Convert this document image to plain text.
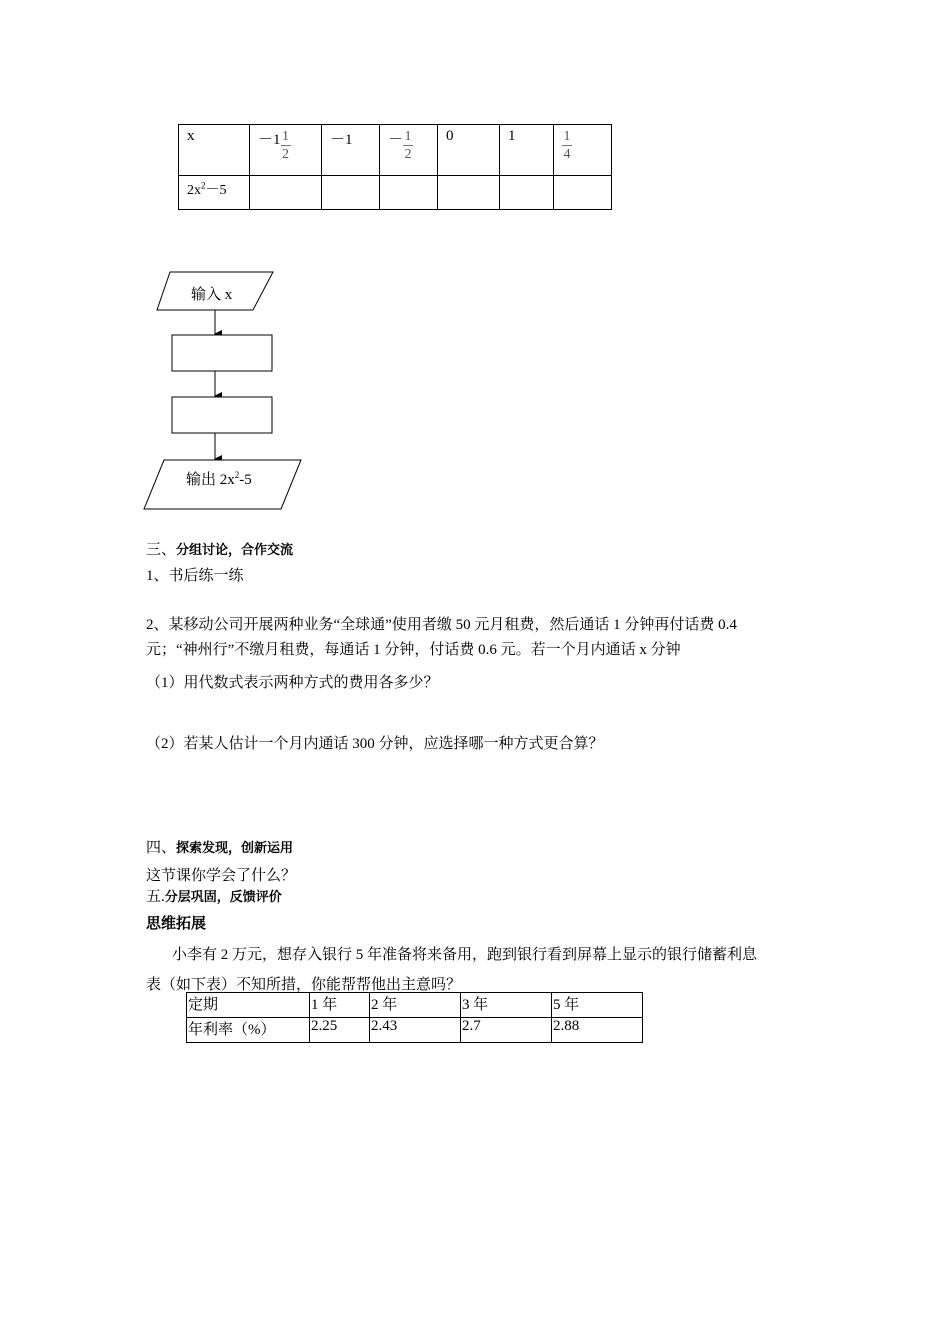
x	$-1 \frac{1}{2}$	－1	－ $\frac{1}{2}$	0	1	$\frac{1}{4}$

$2x^2-5$						

输入 x
输出 $2x^2-5$
三、分组讨论，合作交流
1、书后练一练
2、某移动公司开展两种业务“全球通”使用者缴 50 元月租费，然后通话 1 分钟再付话费 0.4
元；“神州行”不缴月租费，每通话 1 分钟，付话费 0.6 元。若一个月内通话 x 分钟
（1）用代数式表示两种方式的费用各多少？
（2）若某人估计一个月内通话 300 分钟，应选择哪一种方式更合算？
四、探索发现，创新运用
这节课你学会了什么？
五.分层巩固，反馈评价
思维拓展
小李有 2 万元，想存入银行 5 年准备将来备用，跑到银行看到屏幕上显示的银行储蓄利息
表（如下表）不知所措，你能帮帮他出主意吗？
定期	1 年	2 年	3 年	5 年
年利率（%）	2.25	2.43	2.7	2.88
